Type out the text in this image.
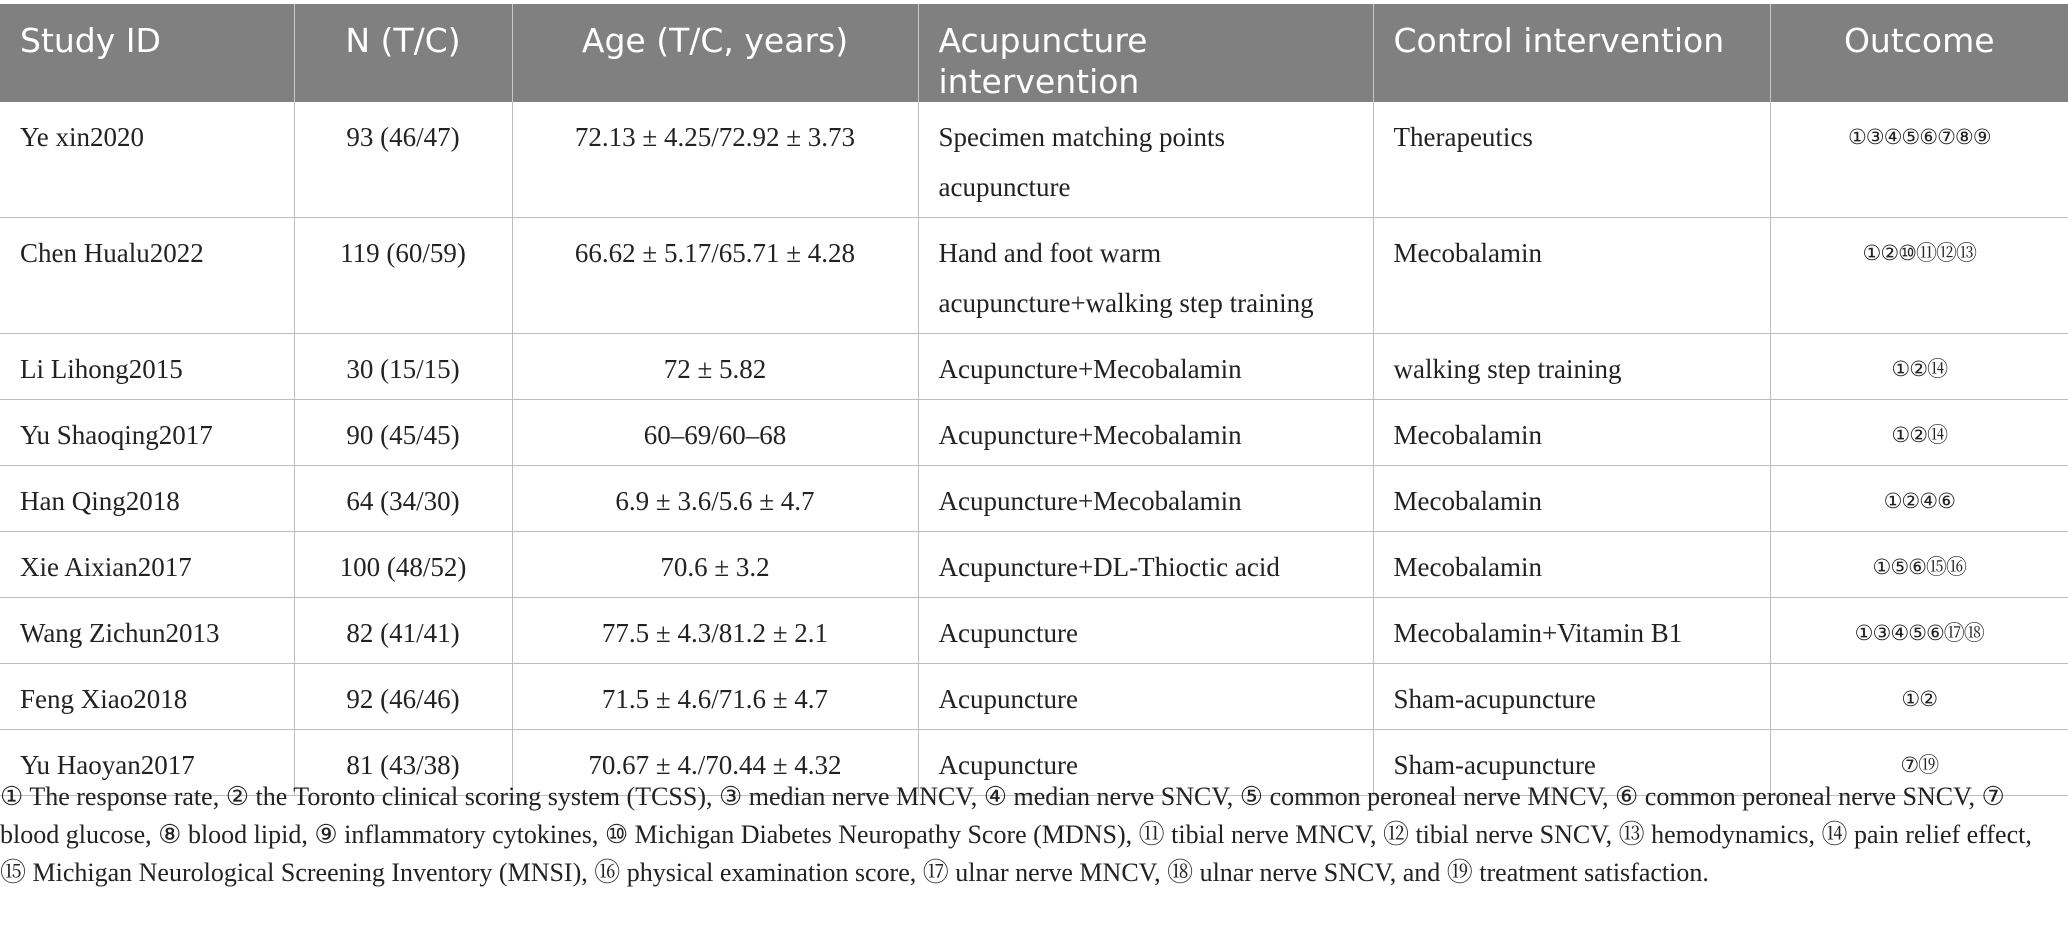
Study ID	N (T/C)	Age (T/C, years)	Acupuncture intervention	Control intervention	Outcome
Ye xin2020	93 (46/47)	72.13 ± 4.25/72.92 ± 3.73	Specimen matching points acupuncture	Therapeutics	①③④⑤⑥⑦⑧⑨
Chen Hualu2022	119 (60/59)	66.62 ± 5.17/65.71 ± 4.28	Hand and foot warm acupuncture+walking step training	Mecobalamin	①②⑩⑪⑫⑬
Li Lihong2015	30 (15/15)	72 ± 5.82	Acupuncture+Mecobalamin	walking step training	①②⑭
Yu Shaoqing2017	90 (45/45)	60–69/60–68	Acupuncture+Mecobalamin	Mecobalamin	①②⑭
Han Qing2018	64 (34/30)	6.9 ± 3.6/5.6 ± 4.7	Acupuncture+Mecobalamin	Mecobalamin	①②④⑥
Xie Aixian2017	100 (48/52)	70.6 ± 3.2	Acupuncture+DL-Thioctic acid	Mecobalamin	①⑤⑥⑮⑯
Wang Zichun2013	82 (41/41)	77.5 ± 4.3/81.2 ± 2.1	Acupuncture	Mecobalamin+Vitamin B1	①③④⑤⑥⑰⑱
Feng Xiao2018	92 (46/46)	71.5 ± 4.6/71.6 ± 4.7	Acupuncture	Sham-acupuncture	①②
Yu Haoyan2017	81 (43/38)	70.67 ± 4./70.44 ± 4.32	Acupuncture	Sham-acupuncture	⑦⑲

① The response rate, ② the Toronto clinical scoring system (TCSS), ③ median nerve MNCV, ④ median nerve SNCV, ⑤ common peroneal nerve MNCV, ⑥ common peroneal nerve SNCV, ⑦ blood glucose, ⑧ blood lipid, ⑨ inflammatory cytokines, ⑩ Michigan Diabetes Neuropathy Score (MDNS), ⑪ tibial nerve MNCV, ⑫ tibial nerve SNCV, ⑬ hemodynamics, ⑭ pain relief effect, ⑮ Michigan Neurological Screening Inventory (MNSI), ⑯ physical examination score, ⑰ ulnar nerve MNCV, ⑱ ulnar nerve SNCV, and ⑲ treatment satisfaction.
